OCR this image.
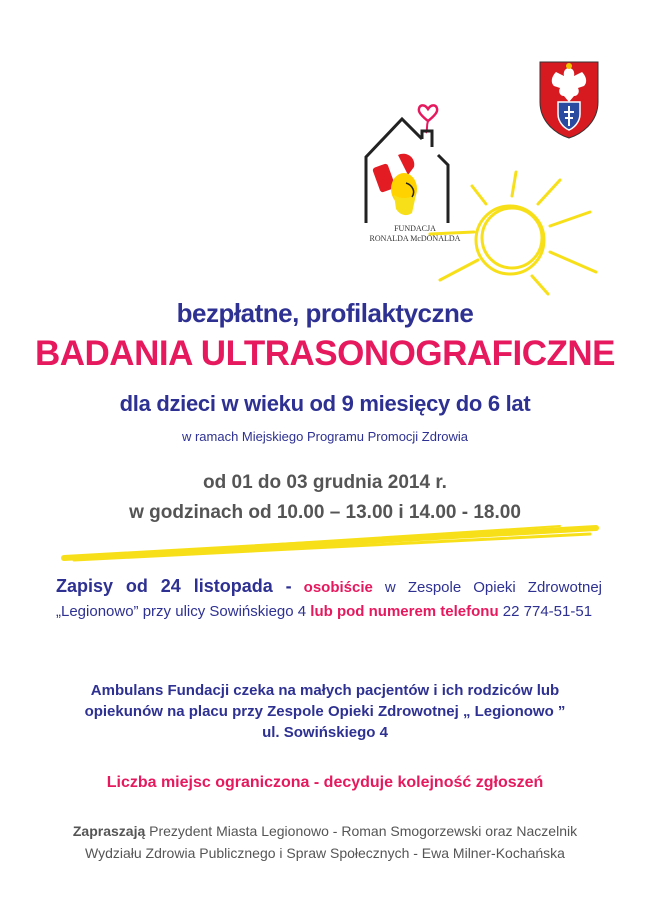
FUNDACJA
RONALDA McDONALDA
bezpłatne, profilaktyczne
BADANIA ULTRASONOGRAFICZNE
dla dzieci w wieku od 9 miesięcy do 6 lat
w ramach Miejskiego Programu Promocji Zdrowia
od 01 do 03 grudnia 2014 r.
w godzinach od 10.00 – 13.00 i 14.00 - 18.00
Zapisy od 24 listopada - osobiście w Zespole Opieki Zdrowotnej „Legionowo” przy ulicy Sowińskiego 4 lub pod numerem telefonu 22 774-51-51
Ambulans Fundacji czeka na małych pacjentów i ich rodziców lub
opiekunów na placu przy Zespole Opieki Zdrowotnej „ Legionowo ”
ul. Sowińskiego 4
Liczba miejsc ograniczona - decyduje kolejność zgłoszeń
Zapraszają Prezydent Miasta Legionowo - Roman Smogorzewski oraz Naczelnik
Wydziału Zdrowia Publicznego i Spraw Społecznych - Ewa Milner-Kochańska
